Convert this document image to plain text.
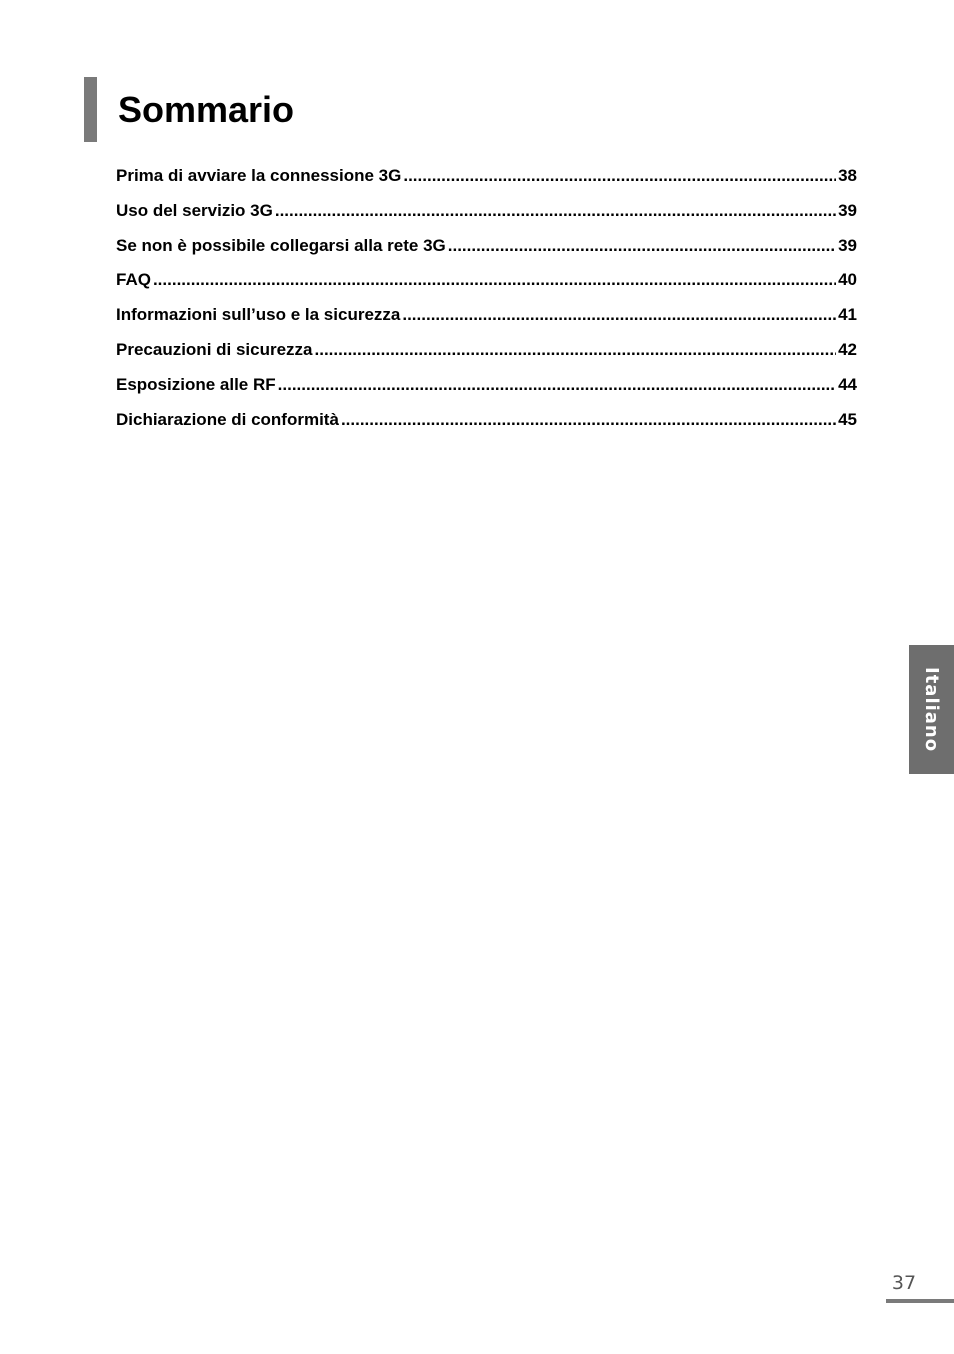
Sommario
Prima di avviare la connessione 3G .....	38
Uso del servizio 3G .....	39
Se non è possibile collegarsi alla rete 3G .....	39
FAQ .....	40
Informazioni sull’uso e la sicurezza .....	41
Precauzioni di sicurezza .....	42
Esposizione alle RF .....	44
Dichiarazione di conformità .....	45
Italiano
37
